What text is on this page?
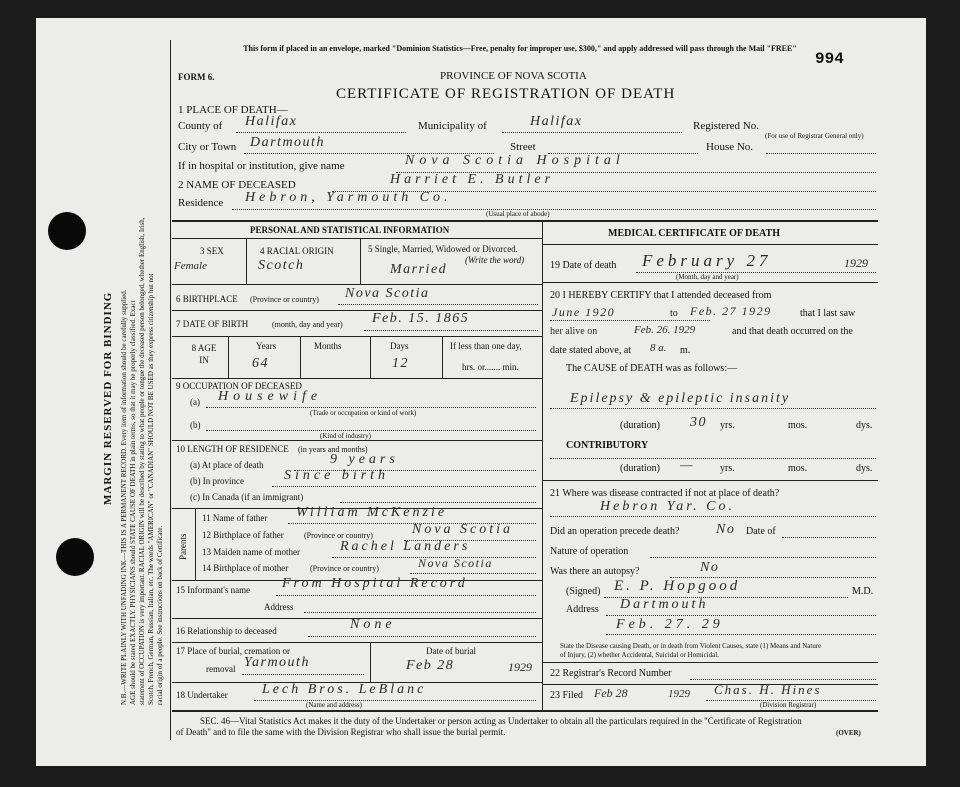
MARGIN RESERVED FOR BINDING N.B.—WRITE PLAINLY WITH UNFADING INK—THIS IS A PERMANENT RECORD. Every item of information should be carefully supplied. AGE should be stated EXACTLY. PHYSICIANS should STATE CAUSE OF DEATH in plain terms, so that it may be properly classified. Exact statement of OCCUPATION is very important. RACIAL ORIGIN will be described by stating to what people or tongue the deceased person belonged, whether English, Irish, Scotch, French, German, Russian, Italian, etc. The words "AMERICAN" or "CANADIAN" SHOULD NOT BE USED as they express citizenship but not racial origin of a people. See instructions on back of Certificate.
This form if placed in an envelope, marked "Dominion Statistics—Free, penalty for improper use, $300," and apply addressed will pass through the Mail "FREE"
994
FORM 6.	PROVINCE OF NOVA SCOTIA
CERTIFICATE OF REGISTRATION OF DEATH
1 PLACE OF DEATH—
County of Halifax	Municipality of	Halifax	Registered No.
(For use of Registrar General only)
City or Town Dartmouth	Street	House No.
If in hospital or institution, give name	Nova Scotia Hospital
2 NAME OF DECEASED	Harriet E. Butler
Residence Hebron, Yarmouth Co.
(Usual place of abode)
PERSONAL AND STATISTICAL INFORMATION
3 SEX
Female
4 RACIAL ORIGIN
Scotch
5 Single, Married, Widowed or Divorced.
(Write the word)
Married
6 BIRTHPLACE (Province or country) Nova Scotia
7 DATE OF BIRTH	(month, day and year) Feb. 15. 1865
8 AGE IN
Years
64
Months	Days
12
If less than one day,
hrs. or....... min.
9 OCCUPATION OF DECEASED
(a) Housewife
(Trade or occupation or kind of work)
(b)
(Kind of industry)
10 LENGTH OF RESIDENCE (in years and months)
(a) At place of death	9 years
(b) In province	Since birth
(c) In Canada (if an immigrant)
Parents
11 Name of father William McKenzie
12 Birthplace of father	(Province or country)	Nova Scotia
13 Maiden name of mother	Rachel Landers
14 Birthplace of mother	(Province or country)	Nova Scotia
15 Informant's name From Hospital Record
Address
16 Relationship to deceased	None
17 Place of burial, cremation or
removal Yarmouth
Date of burial
Feb 28	1929
18 Undertaker Lech Bros. LeBlanc
(Name and address)
MEDICAL CERTIFICATE OF DEATH
19 Date of death February 27	1929
(Month, day and year)
20 I HEREBY CERTIFY that I attended deceased from
June 1920	to Feb. 27 1929	that I last saw
her alive on	Feb. 26. 1929	and that death occurred on the
date stated above, at 8 a. m.
The CAUSE of DEATH was as follows:—
Epilepsy & epileptic insanity
(duration) 30 yrs.	mos.	dys.
CONTRIBUTORY
(duration) —	yrs.	mos.	dys.
21 Where was disease contracted if not at place of death?
Hebron Yar. Co.
Did an operation precede death?	No Date of
Nature of operation
Was there an autopsy?	No
(Signed) E. P. Hopgood	M.D.
Address Dartmouth
Feb. 27. 29
State the Disease causing Death, or in death from Violent Causes, state (1) Means and Nature
of Injury, (2) whether Accidental, Suicidal or Homicidal.
22 Registrar's Record Number
23 Filed Feb 28	1929 Chas. H. Hines
(Division Registrar)
SEC. 46—Vital Statistics Act makes it the duty of the Undertaker or person acting as Undertaker to obtain all the particulars required in the "Certificate of Registration
of Death" and to file the same with the Division Registrar who shall issue the burial permit.	(OVER)
